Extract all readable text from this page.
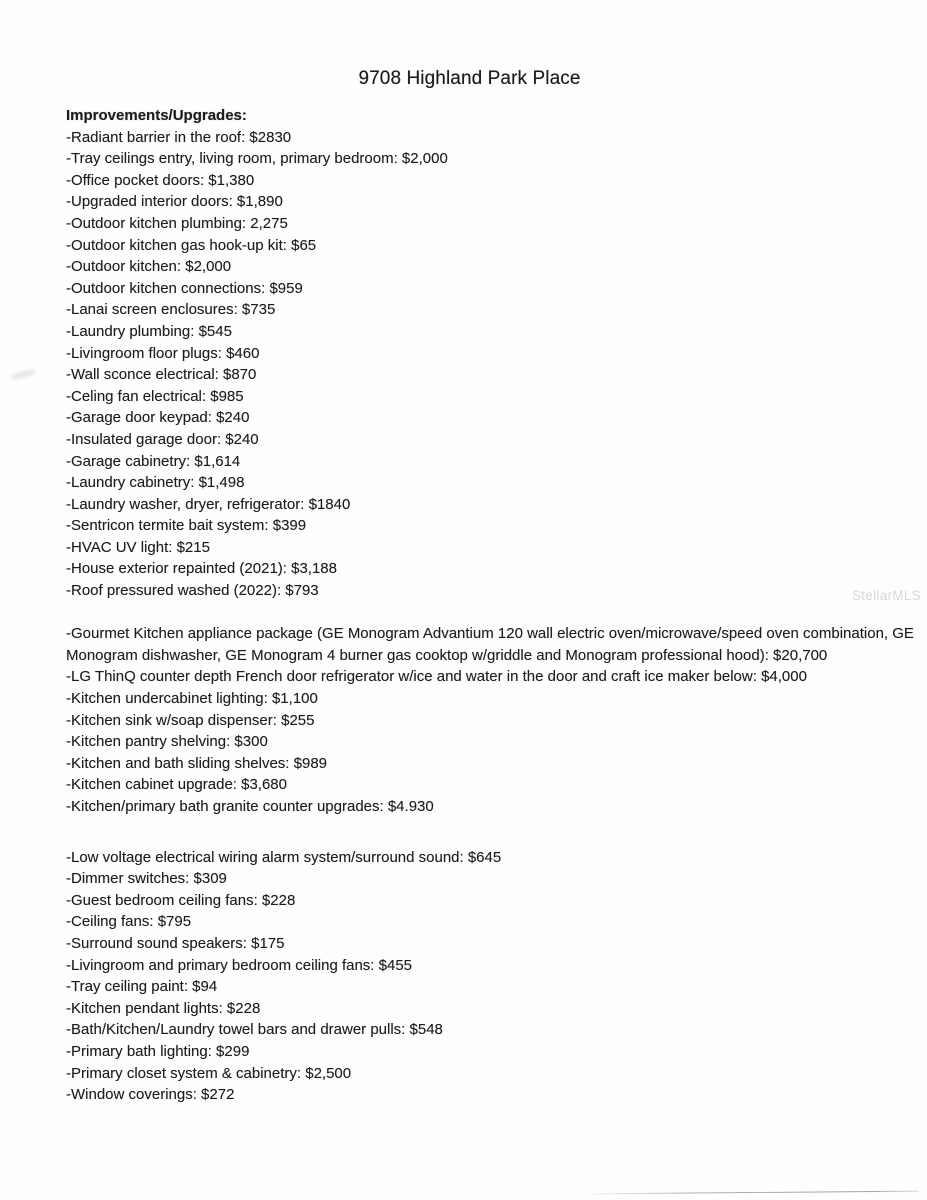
9708 Highland Park Place
Improvements/Upgrades:
-Radiant barrier in the roof: $2830
-Tray ceilings entry, living room, primary bedroom: $2,000
-Office pocket doors: $1,380
-Upgraded interior doors: $1,890
-Outdoor kitchen plumbing: 2,275
-Outdoor kitchen gas hook-up kit: $65
-Outdoor kitchen: $2,000
-Outdoor kitchen connections: $959
-Lanai screen enclosures: $735
-Laundry plumbing: $545
-Livingroom floor plugs: $460
-Wall sconce electrical: $870
-Celing fan electrical: $985
-Garage door keypad: $240
-Insulated garage door: $240
-Garage cabinetry: $1,614
-Laundry cabinetry: $1,498
-Laundry washer, dryer, refrigerator: $1840
-Sentricon termite bait system: $399
-HVAC UV light: $215
-House exterior repainted (2021): $3,188
-Roof pressured washed (2022): $793
-Gourmet Kitchen appliance package (GE Monogram Advantium 120 wall electric oven/microwave/speed oven combination, GE Monogram dishwasher, GE Monogram 4 burner gas cooktop w/griddle and Monogram professional hood): $20,700
-LG ThinQ counter depth French door refrigerator w/ice and water in the door and craft ice maker below: $4,000
-Kitchen undercabinet lighting: $1,100
-Kitchen sink w/soap dispenser: $255
-Kitchen pantry shelving: $300
-Kitchen and bath sliding shelves: $989
-Kitchen cabinet upgrade: $3,680
-Kitchen/primary bath granite counter upgrades: $4.930
-Low voltage electrical wiring alarm system/surround sound: $645
-Dimmer switches: $309
-Guest bedroom ceiling fans: $228
-Ceiling fans: $795
-Surround sound speakers: $175
-Livingroom and primary bedroom ceiling fans: $455
-Tray ceiling paint: $94
-Kitchen pendant lights: $228
-Bath/Kitchen/Laundry towel bars and drawer pulls: $548
-Primary bath lighting: $299
-Primary closet system & cabinetry: $2,500
-Window coverings: $272
StellarMLS
